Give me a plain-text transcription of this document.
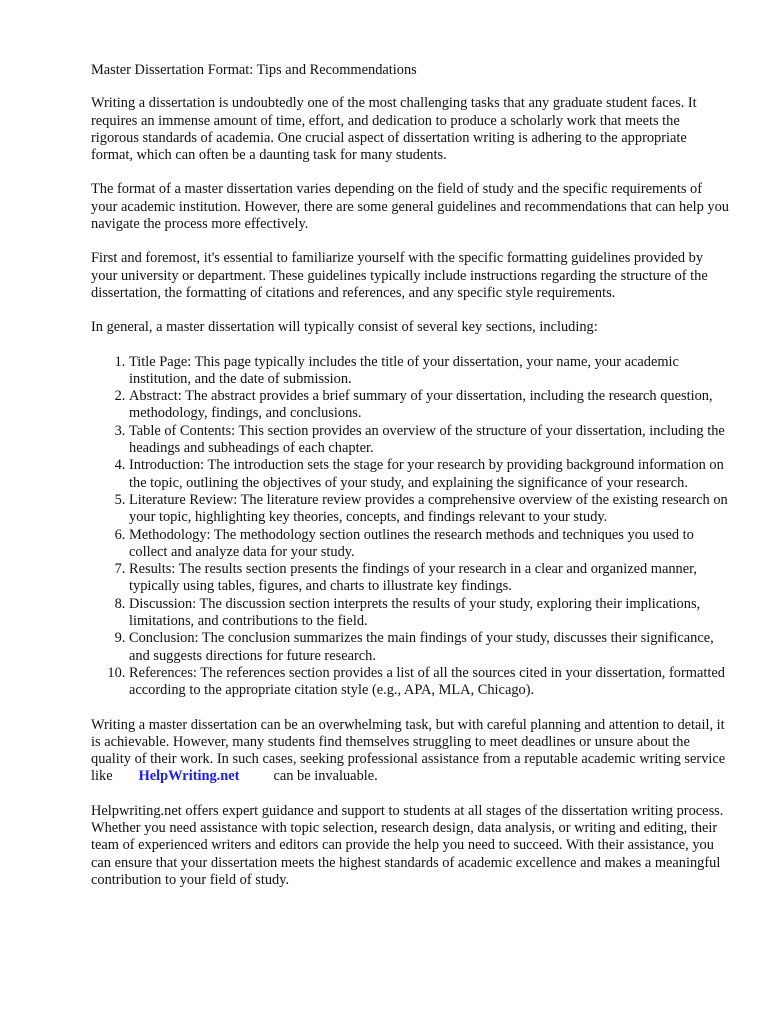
Master Dissertation Format: Tips and Recommendations

Writing a dissertation is undoubtedly one of the most challenging tasks that any graduate student faces. It requires an immense amount of time, effort, and dedication to produce a scholarly work that meets the rigorous standards of academia. One crucial aspect of dissertation writing is adhering to the appropriate format, which can often be a daunting task for many students.

The format of a master dissertation varies depending on the field of study and the specific requirements of your academic institution. However, there are some general guidelines and recommendations that can help you navigate the process more effectively.

First and foremost, it's essential to familiarize yourself with the specific formatting guidelines provided by your university or department. These guidelines typically include instructions regarding the structure of the dissertation, the formatting of citations and references, and any specific style requirements.

In general, a master dissertation will typically consist of several key sections, including:

1. Title Page: This page typically includes the title of your dissertation, your name, your academic institution, and the date of submission.
2. Abstract: The abstract provides a brief summary of your dissertation, including the research question, methodology, findings, and conclusions.
3. Table of Contents: This section provides an overview of the structure of your dissertation, including the headings and subheadings of each chapter.
4. Introduction: The introduction sets the stage for your research by providing background information on the topic, outlining the objectives of your study, and explaining the significance of your research.
5. Literature Review: The literature review provides a comprehensive overview of the existing research on your topic, highlighting key theories, concepts, and findings relevant to your study.
6. Methodology: The methodology section outlines the research methods and techniques you used to collect and analyze data for your study.
7. Results: The results section presents the findings of your research in a clear and organized manner, typically using tables, figures, and charts to illustrate key findings.
8. Discussion: The discussion section interprets the results of your study, exploring their implications, limitations, and contributions to the field.
9. Conclusion: The conclusion summarizes the main findings of your study, discusses their significance, and suggests directions for future research.
10. References: The references section provides a list of all the sources cited in your dissertation, formatted according to the appropriate citation style (e.g., APA, MLA, Chicago).

Writing a master dissertation can be an overwhelming task, but with careful planning and attention to detail, it is achievable. However, many students find themselves struggling to meet deadlines or unsure about the quality of their work. In such cases, seeking professional assistance from a reputable academic writing service like HelpWriting.net can be invaluable.

Helpwriting.net offers expert guidance and support to students at all stages of the dissertation writing process. Whether you need assistance with topic selection, research design, data analysis, or writing and editing, their team of experienced writers and editors can provide the help you need to succeed. With their assistance, you can ensure that your dissertation meets the highest standards of academic excellence and makes a meaningful contribution to your field of study.
